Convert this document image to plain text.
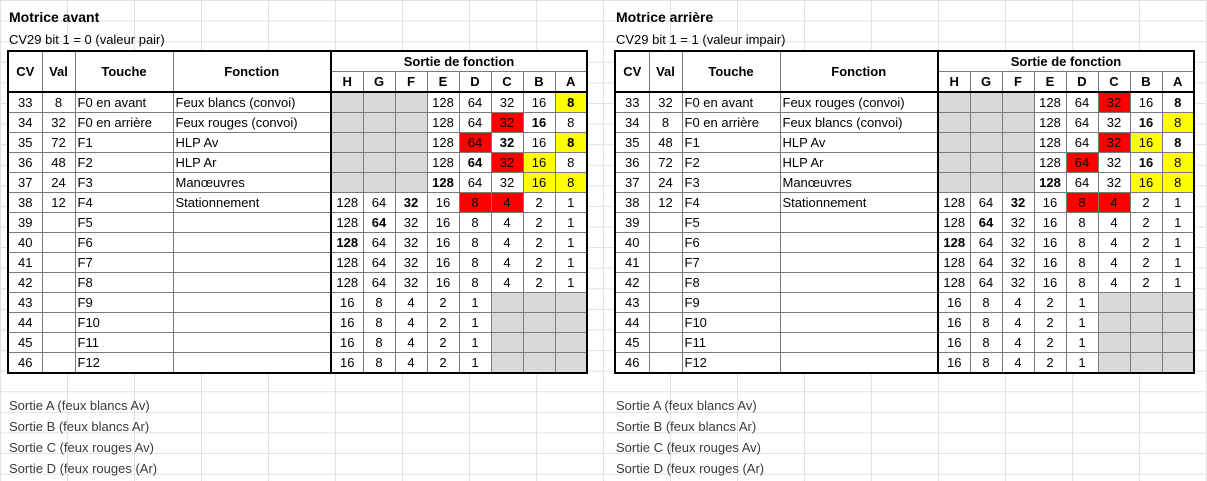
Motrice avant
CV29 bit 1 = 0 (valeur pair)
CV	Val	Touche	Fonction	Sortie de fonction							
				H	G	F	E	D	C	B	A
33	8	F0 en avant	Feux blancs (convoi)				128	64	32	16	8
34	32	F0 en arrière	Feux rouges (convoi)				128	64	32	16	8
35	72	F1	HLP Av				128	64	32	16	8
36	48	F2	HLP Ar				128	64	32	16	8
37	24	F3	Manœuvres				128	64	32	16	8
38	12	F4	Stationnement	128	64	32	16	8	4	2	1
39		F5		128	64	32	16	8	4	2	1
40		F6		128	64	32	16	8	4	2	1
41		F7		128	64	32	16	8	4	2	1
42		F8		128	64	32	16	8	4	2	1
43		F9		16	8	4	2	1			
44		F10		16	8	4	2	1			
45		F11		16	8	4	2	1			
46		F12		16	8	4	2	1			
Sortie A (feux blancs Av)
Sortie B (feux blancs Ar)
Sortie C (feux rouges Av)
Sortie D (feux rouges (Ar)
Motrice arrière
CV29 bit 1 = 1 (valeur impair)
CV	Val	Touche	Fonction	Sortie de fonction							
				H	G	F	E	D	C	B	A
33	32	F0 en avant	Feux rouges (convoi)				128	64	32	16	8
34	8	F0 en arrière	Feux blancs (convoi)				128	64	32	16	8
35	48	F1	HLP Av				128	64	32	16	8
36	72	F2	HLP Ar				128	64	32	16	8
37	24	F3	Manœuvres				128	64	32	16	8
38	12	F4	Stationnement	128	64	32	16	8	4	2	1
39		F5		128	64	32	16	8	4	2	1
40		F6		128	64	32	16	8	4	2	1
41		F7		128	64	32	16	8	4	2	1
42		F8		128	64	32	16	8	4	2	1
43		F9		16	8	4	2	1			
44		F10		16	8	4	2	1			
45		F11		16	8	4	2	1			
46		F12		16	8	4	2	1			
Sortie A (feux blancs Av)
Sortie B (feux blancs Ar)
Sortie C (feux rouges Av)
Sortie D (feux rouges (Ar)
